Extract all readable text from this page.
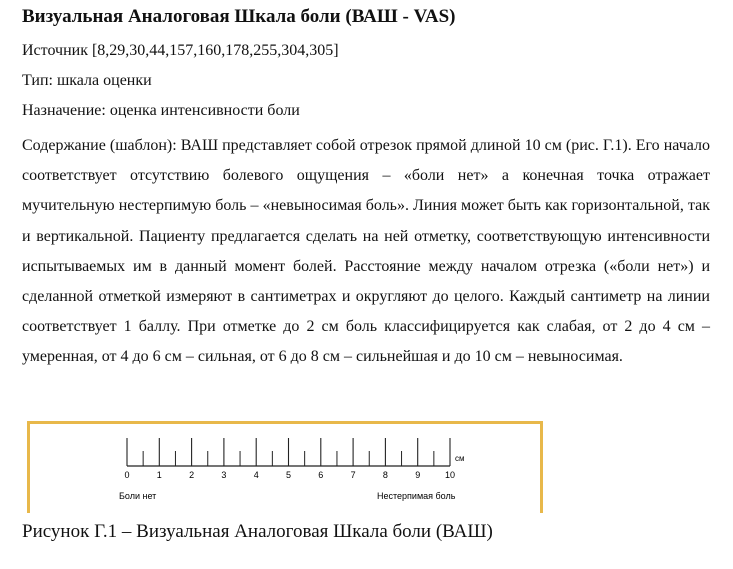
Визуальная Аналоговая Шкала боли (ВАШ - VAS)
Источник [8,29,30,44,157,160,178,255,304,305]
Тип: шкала оценки
Назначение: оценка интенсивности боли

Содержание (шаблон): ВАШ представляет собой отрезок прямой длиной 10 см (рис. Г.1). Его начало соответствует отсутствию болевого ощущения – «боли нет» а конечная точка отражает мучительную нестерпимую боль – «невыносимая боль». Линия может быть как горизонтальной, так и вертикальной. Пациенту предлагается сделать на ней отметку, соответствующую интенсивности испытываемых им в данный момент болей. Расстояние между началом отрезка («боли нет») и сделанной отметкой измеряют в сантиметрах и округляют до целого. Каждый сантиметр на линии соответствует 1 баллу. При отметке до 2 см боль классифицируется как слабая, от 2 до 4 см – умеренная, от 4 до 6 см – сильная, от 6 до 8 см – сильнейшая и до 10 см – невыносимая.

см
0	1	2	3	4	5	6	7	8	9	10
Боли нет	Нестерпимая боль
Рисунок Г.1 – Визуальная Аналоговая Шкала боли (ВАШ)
